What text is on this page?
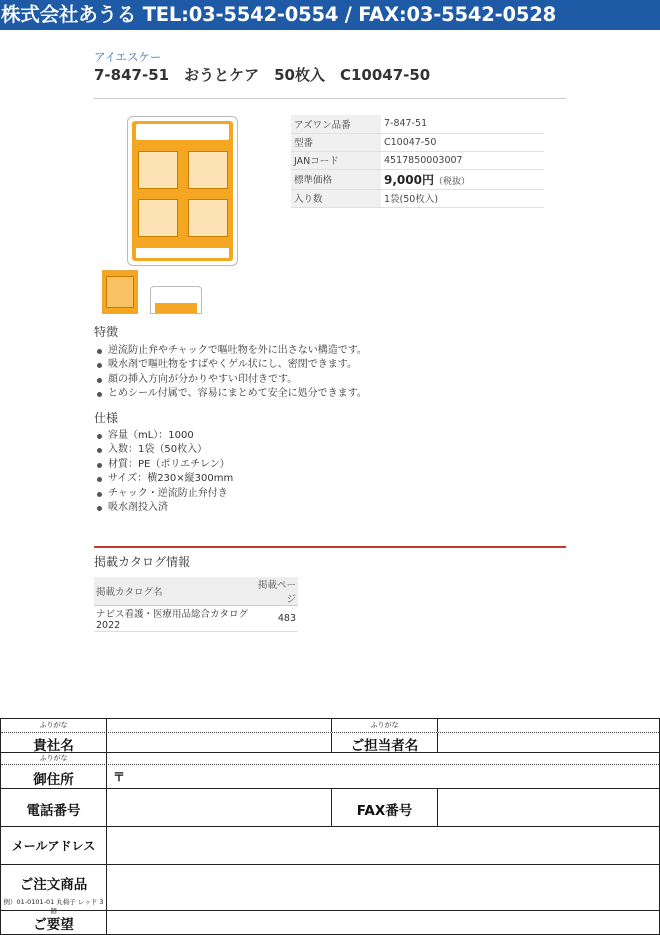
株式会社あうる TEL:03-5542-0554 / FAX:03-5542-0528
アイエスケー
7-847-51　おうとケア　50枚入　C10047-50
アズワン品番	7-847-51
型番	C10047-50
JANコード	4517850003007
標準価格	9,000円（税抜）
入り数	1袋(50枚入)
特徴
逆流防止弁やチャックで嘔吐物を外に出さない構造です。
吸水剤で嘔吐物をすばやくゲル状にし、密閉できます。
顔の挿入方向が分かりやすい印付きです。
とめシール付属で、容易にまとめて安全に処分できます。
仕様
容量（mL）：1000
入数：1袋（50枚入）
材質：PE（ポリエチレン）
サイズ：横230×縦300mm
チャック・逆流防止弁付き
吸水剤投入済
掲載カタログ情報
掲載カタログ名	掲載ページ
ナビス看護・医療用品総合カタログ2022	483
ふりがな	ふりがな
貴社名	ご担当者名
ふりがな
御住所	〒
電話番号	FAX番号
メールアドレス
ご注文商品
例）01-0101-01 丸椅子 レッド 3個
ご要望
